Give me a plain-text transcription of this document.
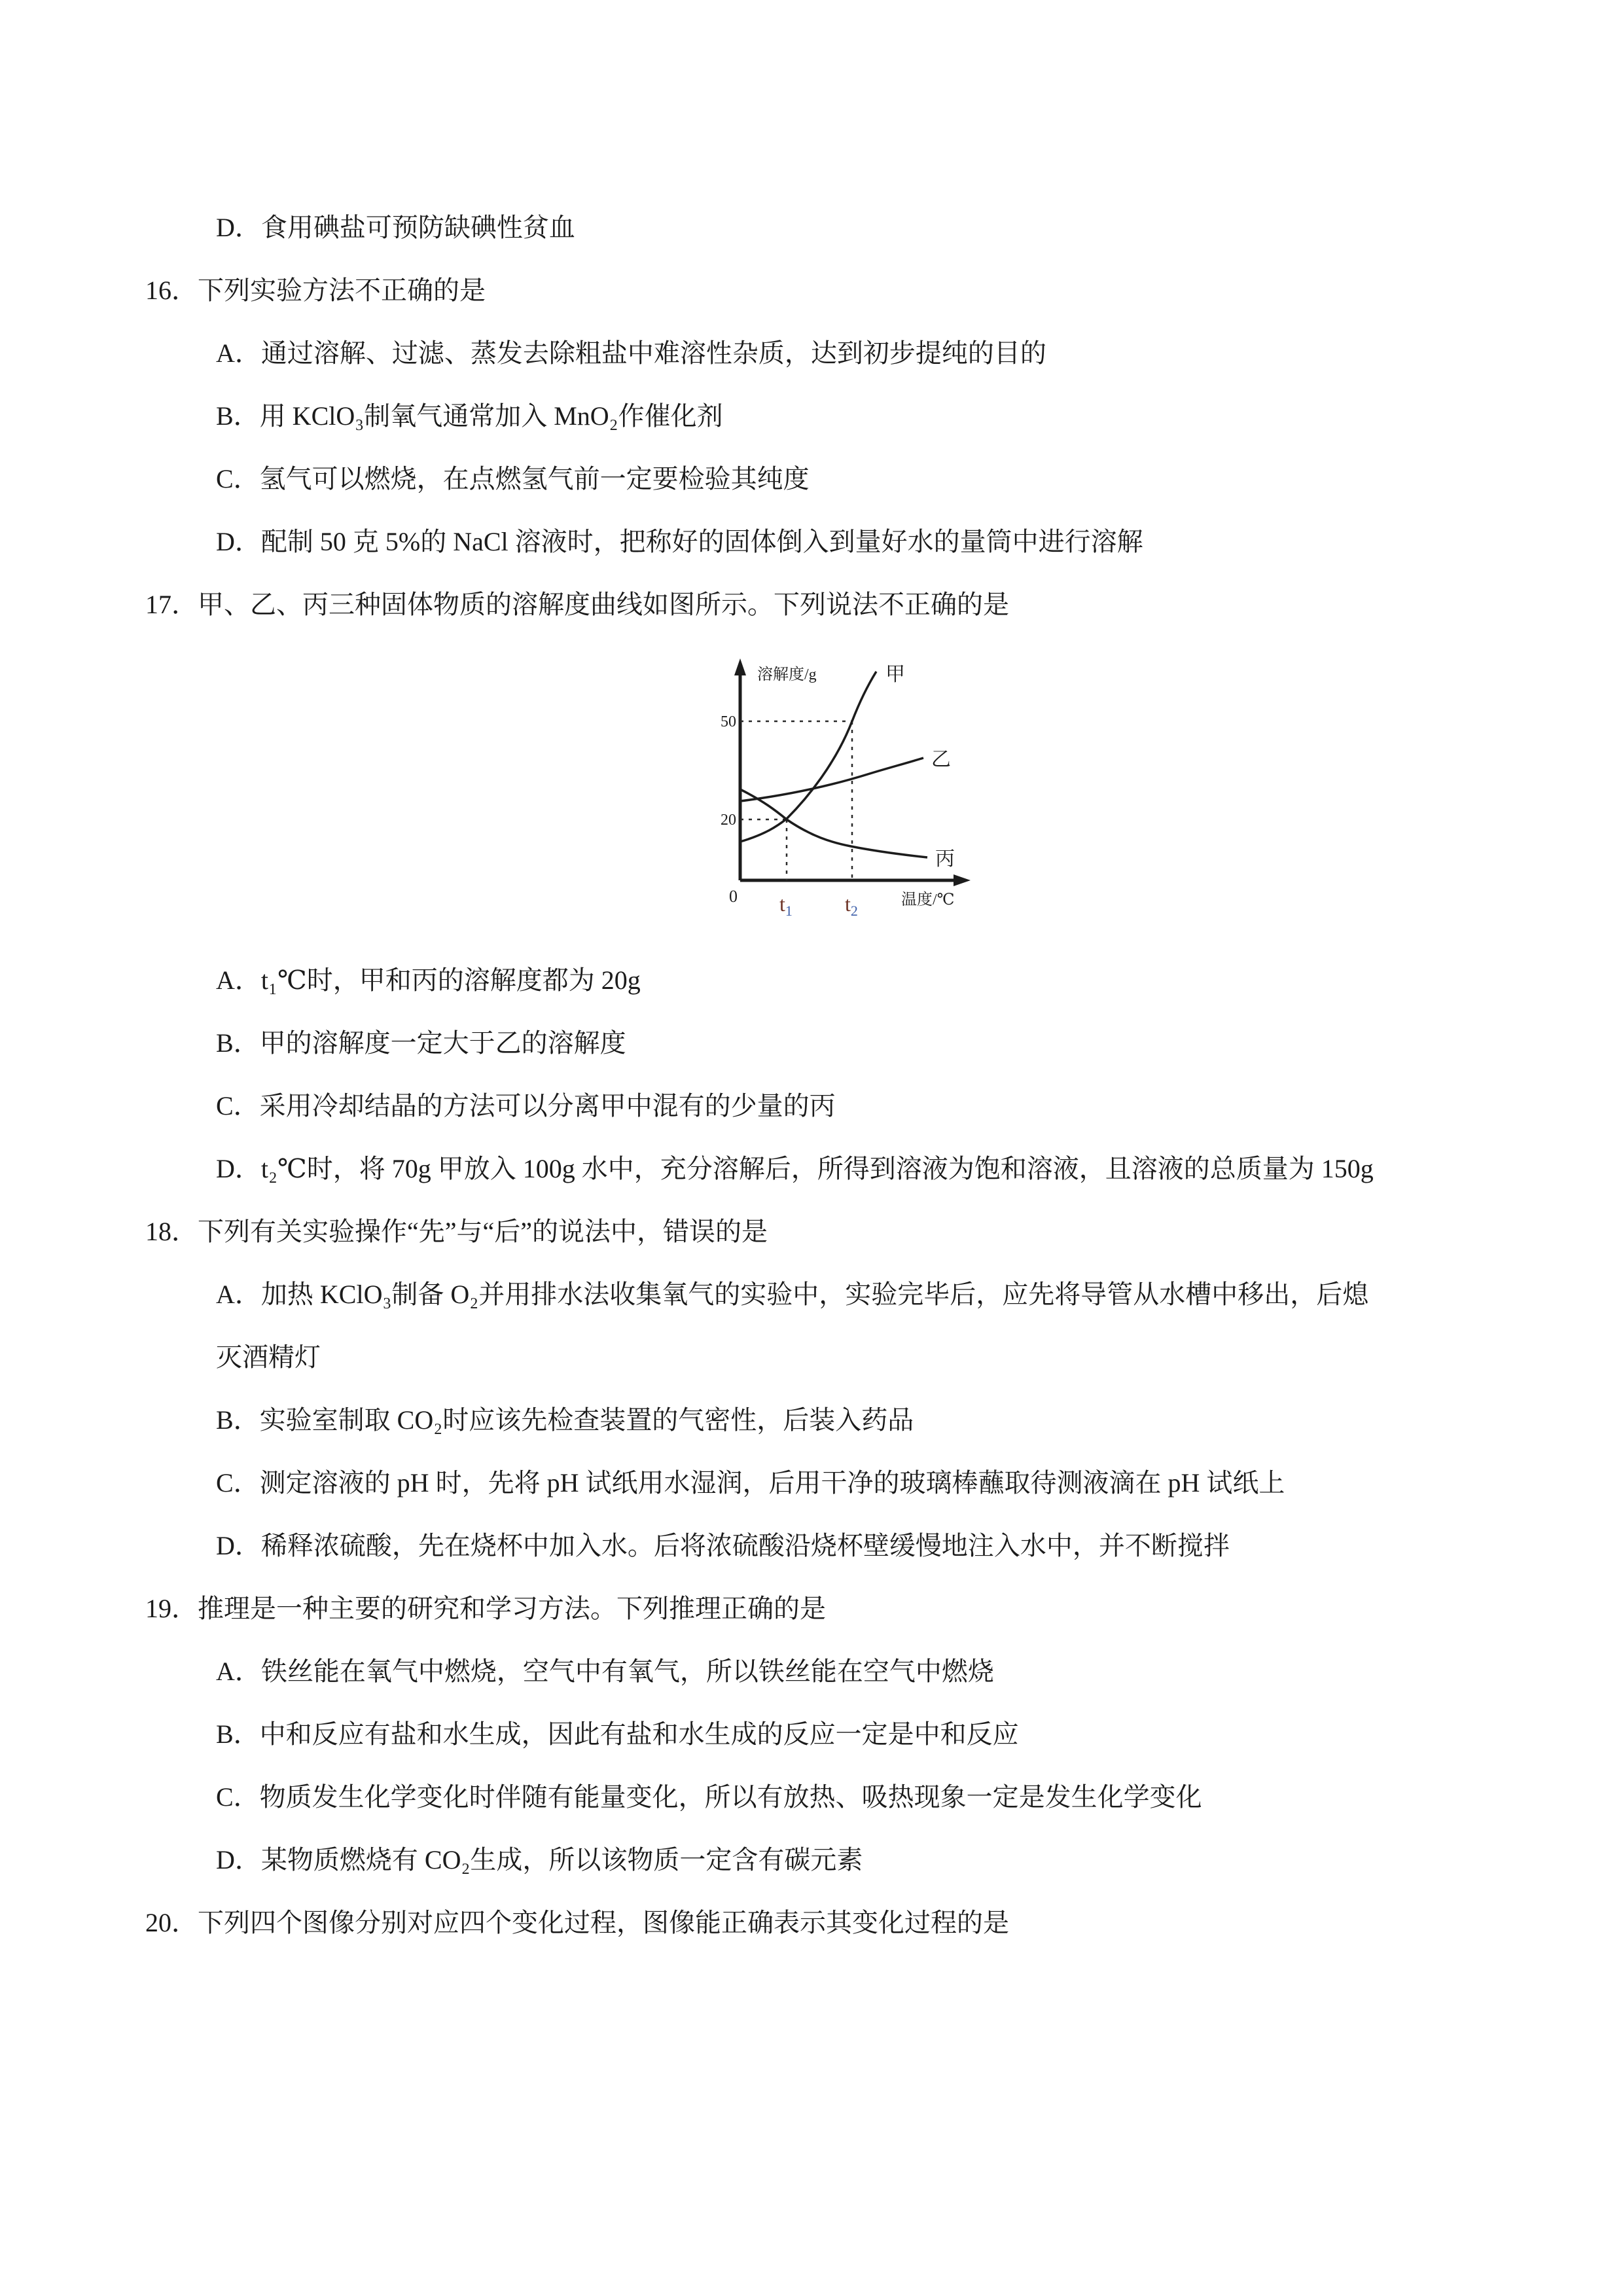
D．食用碘盐可预防缺碘性贫血
16．下列实验方法不正确的是
A．通过溶解、过滤、蒸发去除粗盐中难溶性杂质，达到初步提纯的目的
B．用 KClO₃制氧气通常加入 MnO₂作催化剂
C．氢气可以燃烧，在点燃氢气前一定要检验其纯度
D．配制 50 克 5%的 NaCl 溶液时，把称好的固体倒入到量好水的量筒中进行溶解
17．甲、乙、丙三种固体物质的溶解度曲线如图所示。下列说法不正确的是
溶解度/g
温度/℃
50
20
0 $t_1$	$t_2$
甲
乙
丙
A．t₁℃时，甲和丙的溶解度都为 20g
B．甲的溶解度一定大于乙的溶解度
C．采用冷却结晶的方法可以分离甲中混有的少量的丙
D．t₂℃时，将 70g 甲放入 100g 水中，充分溶解后，所得到溶液为饱和溶液，且溶液的总质量为 150g
18．下列有关实验操作“先”与“后”的说法中，错误的是
A．加热 KClO₃制备 O₂并用排水法收集氧气的实验中，实验完毕后，应先将导管从水槽中移出，后熄
灭酒精灯
B．实验室制取 CO₂时应该先检查装置的气密性，后装入药品
C．测定溶液的 pH 时，先将 pH 试纸用水湿润，后用干净的玻璃棒蘸取待测液滴在 pH 试纸上
D．稀释浓硫酸，先在烧杯中加入水。后将浓硫酸沿烧杯壁缓慢地注入水中，并不断搅拌
19．推理是一种主要的研究和学习方法。下列推理正确的是
A．铁丝能在氧气中燃烧，空气中有氧气，所以铁丝能在空气中燃烧
B．中和反应有盐和水生成，因此有盐和水生成的反应一定是中和反应
C．物质发生化学变化时伴随有能量变化，所以有放热、吸热现象一定是发生化学变化
D．某物质燃烧有 CO₂生成，所以该物质一定含有碳元素
20．下列四个图像分别对应四个变化过程，图像能正确表示其变化过程的是
